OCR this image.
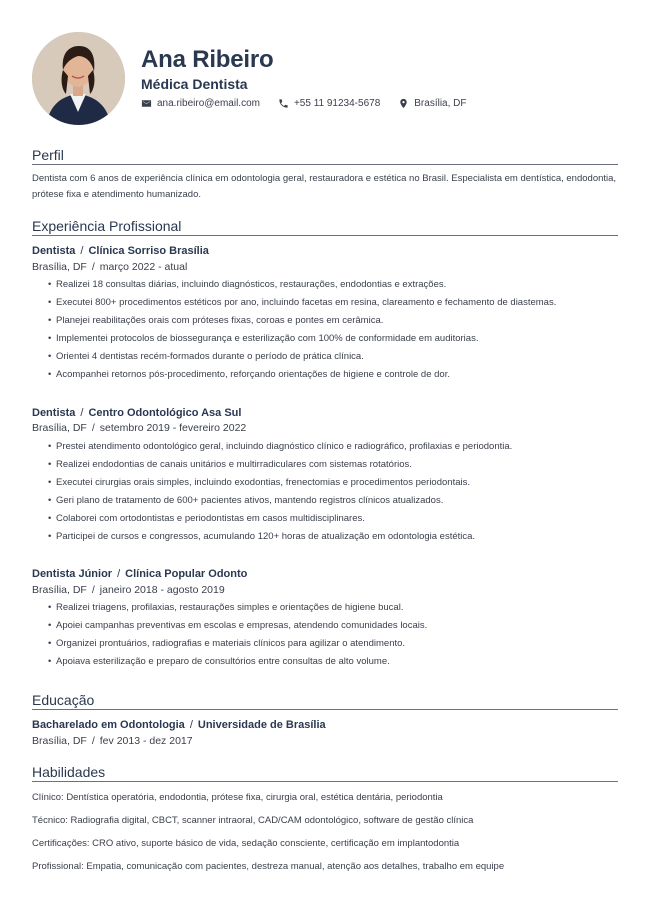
Ana Ribeiro
Médica Dentista
ana.ribeiro@email.com	+55 11 91234-5678	Brasília, DF
Perfil
Dentista com 6 anos de experiência clínica em odontologia geral, restauradora e estética no Brasil. Especialista em dentística, endodontia, prótese fixa e atendimento humanizado.
Experiência Profissional
Dentista / Clínica Sorriso Brasília
Brasília, DF / março 2022 - atual
• Realizei 18 consultas diárias, incluindo diagnósticos, restaurações, endodontias e extrações.
• Executei 800+ procedimentos estéticos por ano, incluindo facetas em resina, clareamento e fechamento de diastemas.
• Planejei reabilitações orais com próteses fixas, coroas e pontes em cerâmica.
• Implementei protocolos de biossegurança e esterilização com 100% de conformidade em auditorias.
• Orientei 4 dentistas recém-formados durante o período de prática clínica.
• Acompanhei retornos pós-procedimento, reforçando orientações de higiene e controle de dor.
Dentista / Centro Odontológico Asa Sul
Brasília, DF / setembro 2019 - fevereiro 2022
• Prestei atendimento odontológico geral, incluindo diagnóstico clínico e radiográfico, profilaxias e periodontia.
• Realizei endodontias de canais unitários e multirradiculares com sistemas rotatórios.
• Executei cirurgias orais simples, incluindo exodontias, frenectomias e procedimentos periodontais.
• Geri plano de tratamento de 600+ pacientes ativos, mantendo registros clínicos atualizados.
• Colaborei com ortodontistas e periodontistas em casos multidisciplinares.
• Participei de cursos e congressos, acumulando 120+ horas de atualização em odontologia estética.
Dentista Júnior / Clínica Popular Odonto
Brasília, DF / janeiro 2018 - agosto 2019
• Realizei triagens, profilaxias, restaurações simples e orientações de higiene bucal.
• Apoiei campanhas preventivas em escolas e empresas, atendendo comunidades locais.
• Organizei prontuários, radiografias e materiais clínicos para agilizar o atendimento.
• Apoiava esterilização e preparo de consultórios entre consultas de alto volume.
Educação
Bacharelado em Odontologia / Universidade de Brasília
Brasília, DF / fev 2013 - dez 2017
Habilidades
Clínico: Dentística operatória, endodontia, prótese fixa, cirurgia oral, estética dentária, periodontia
Técnico: Radiografia digital, CBCT, scanner intraoral, CAD/CAM odontológico, software de gestão clínica
Certificações: CRO ativo, suporte básico de vida, sedação consciente, certificação em implantodontia
Profissional: Empatia, comunicação com pacientes, destreza manual, atenção aos detalhes, trabalho em equipe
